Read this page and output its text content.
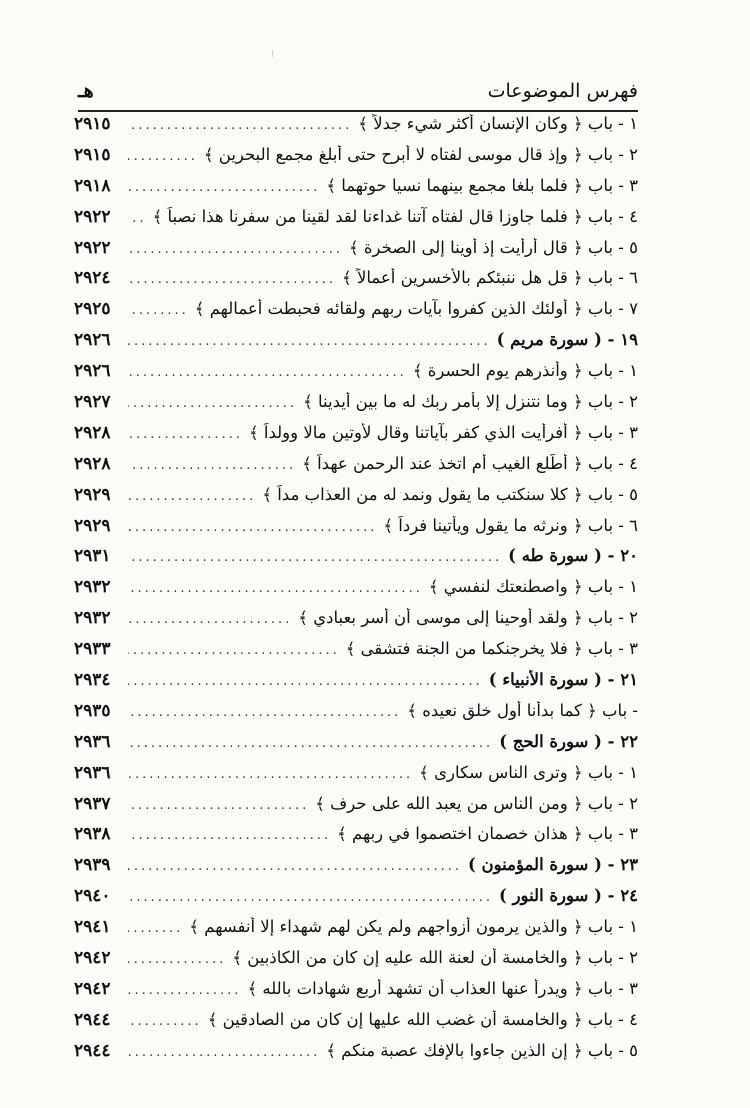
فهرس الموضوعات
هـ
١ - باب ﴿ وكان الإنسان أكثر شيء جدلاً ﴾
.....
٢٩١٥
٢ - باب ﴿ وإذ قال موسى لفتاه لا أبرح حتى أبلغ مجمع البحرين ﴾
.....
٢٩١٥
٣ - باب ﴿ فلما بلغا مجمع بينهما نسيا حوتهما ﴾
.....
٢٩١٨
٤ - باب ﴿ فلما جاوزا قال لفتاه آتنا غداءنا لقد لقينا من سفرنا هذا نصباً ﴾
.....
٢٩٢٢
٥ - باب ﴿ قال أرأيت إذ أوينا إلى الصخرة ﴾
.....
٢٩٢٢
٦ - باب ﴿ قل هل ننبئكم بالأخسرين أعمالاً ﴾
.....
٢٩٢٤
٧ - باب ﴿ أولئك الذين كفروا بآيات ربهم ولقائه فحبطت أعمالهم ﴾
.....
٢٩٢٥
١٩ - ( سورة مريم )
.....
٢٩٢٦
١ - باب ﴿ وأنذرهم يوم الحسرة ﴾
.....
٢٩٢٦
٢ - باب ﴿ وما نتنزل إلا بأمر ربك له ما بين أيدينا ﴾
.....
٢٩٢٧
٣ - باب ﴿ أفرأيت الذي كفر بآياتنا وقال لأوتين مالا وولداً ﴾
.....
٢٩٢٨
٤ - باب ﴿ أطّلع الغيب أم اتخذ عند الرحمن عهداً ﴾
.....
٢٩٢٨
٥ - باب ﴿ كلا سنكتب ما يقول ونمد له من العذاب مداً ﴾
.....
٢٩٢٩
٦ - باب ﴿ ونرثه ما يقول ويأتينا فرداً ﴾
.....
٢٩٢٩
٢٠ - ( سورة طه )
.....
٢٩٣١
١ - باب ﴿ واصطنعتك لنفسي ﴾
.....
٢٩٣٢
٢ - باب ﴿ ولقد أوحينا إلى موسى أن أسر بعبادي ﴾
.....
٢٩٣٢
٣ - باب ﴿ فلا يخرجنكما من الجنة فتشقى ﴾
.....
٢٩٣٣
٢١ - ( سورة الأنبياء )
.....
٢٩٣٤
- باب ﴿ كما بدأنا أول خلق نعيده ﴾
.....
٢٩٣٥
٢٢ - ( سورة الحج )
.....
٢٩٣٦
١ - باب ﴿ وترى الناس سكارى ﴾
.....
٢٩٣٦
٢ - باب ﴿ ومن الناس من يعبد الله على حرف ﴾
.....
٢٩٣٧
٣ - باب ﴿ هذان خصمان اختصموا في ربهم ﴾
.....
٢٩٣٨
٢٣ - ( سورة المؤمنون )
.....
٢٩٣٩
٢٤ - ( سورة النور )
.....
٢٩٤٠
١ - باب ﴿ والذين يرمون أزواجهم ولم يكن لهم شهداء إلا أنفسهم ﴾
.....
٢٩٤١
٢ - باب ﴿ والخامسة أن لعنة الله عليه إن كان من الكاذبين ﴾
.....
٢٩٤٢
٣ - باب ﴿ ويدرأ عنها العذاب أن تشهد أربع شهادات بالله ﴾
.....
٢٩٤٢
٤ - باب ﴿ والخامسة أن غضب الله عليها إن كان من الصادقين ﴾
.....
٢٩٤٤
٥ - باب ﴿ إن الذين جاءوا بالإفك عصبة منكم ﴾
.....
٢٩٤٤
